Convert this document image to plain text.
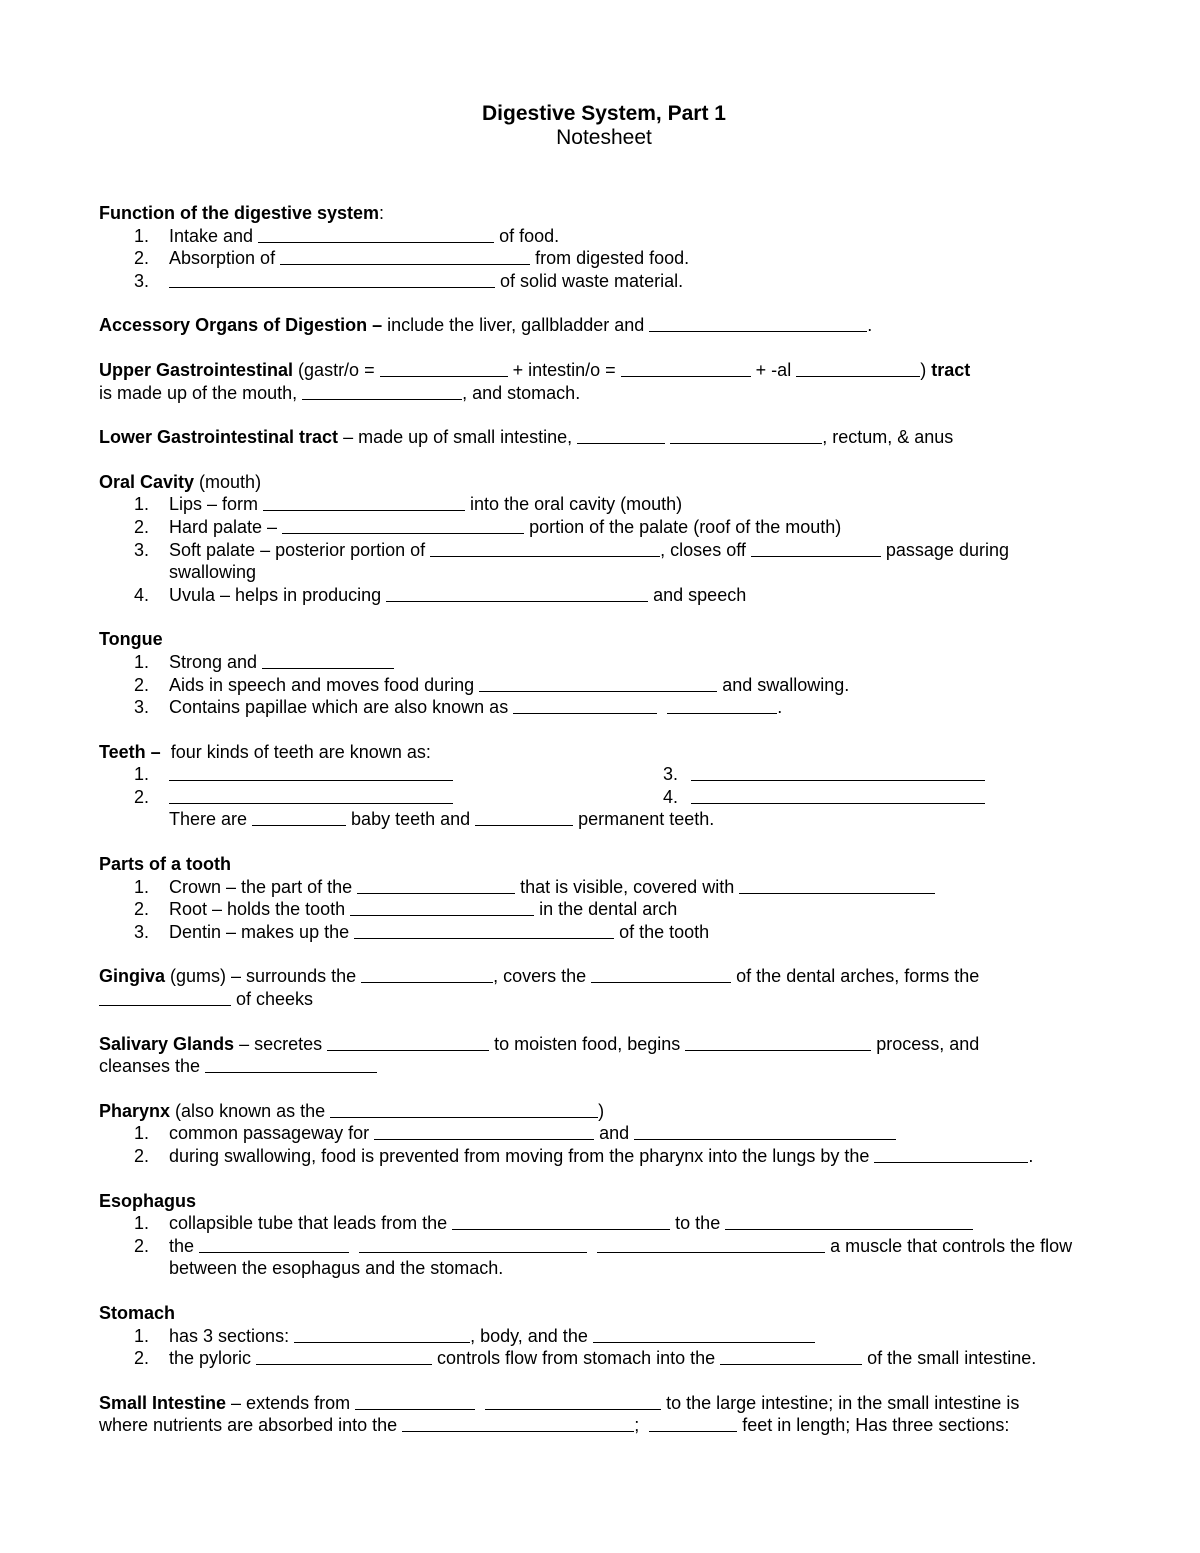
Digestive System, Part 1
Notesheet
Function of the digestive system:
1. Intake and	of food.
2. Absorption of	from digested food.
3.	of solid waste material.
Accessory Organs of Digestion – include the liver, gallbladder and	.
Upper Gastrointestinal (gastr/o =	+ intestin/o =	+ -al	) tract
is made up of the mouth,	, and stomach.
Lower Gastrointestinal tract – made up of small intestine,	, rectum, & anus
Oral Cavity (mouth)
1. Lips – form	into the oral cavity (mouth)
2. Hard palate –	portion of the palate (roof of the mouth)
3. Soft palate – posterior portion of	, closes off	passage during
swallowing
4. Uvula – helps in producing	and speech
Tongue
1. Strong and
2. Aids in speech and moves food during	and swallowing.
3. Contains papillae which are also known as	.
Teeth –  four kinds of teeth are known as:
1.	3.
2.	4.
There are	baby teeth and	permanent teeth.
Parts of a tooth
1. Crown – the part of the	that is visible, covered with
2. Root – holds the tooth	in the dental arch
3. Dentin – makes up the	of the tooth
Gingiva (gums) – surrounds the	, covers the	of the dental arches, forms the
of cheeks
Salivary Glands – secretes	to moisten food, begins	process, and
cleanses the
Pharynx (also known as the	)
1. common passageway for	and
2. during swallowing, food is prevented from moving from the pharynx into the lungs by the	.
Esophagus
1. collapsible tube that leads from the	to the
2. the	a muscle that controls the flow
between the esophagus and the stomach.
Stomach
1. has 3 sections:	, body, and the
2. the pyloric	controls flow from stomach into the	of the small intestine.
Small Intestine – extends from	to the large intestine; in the small intestine is
where nutrients are absorbed into the	;	feet in length; Has three sections:
